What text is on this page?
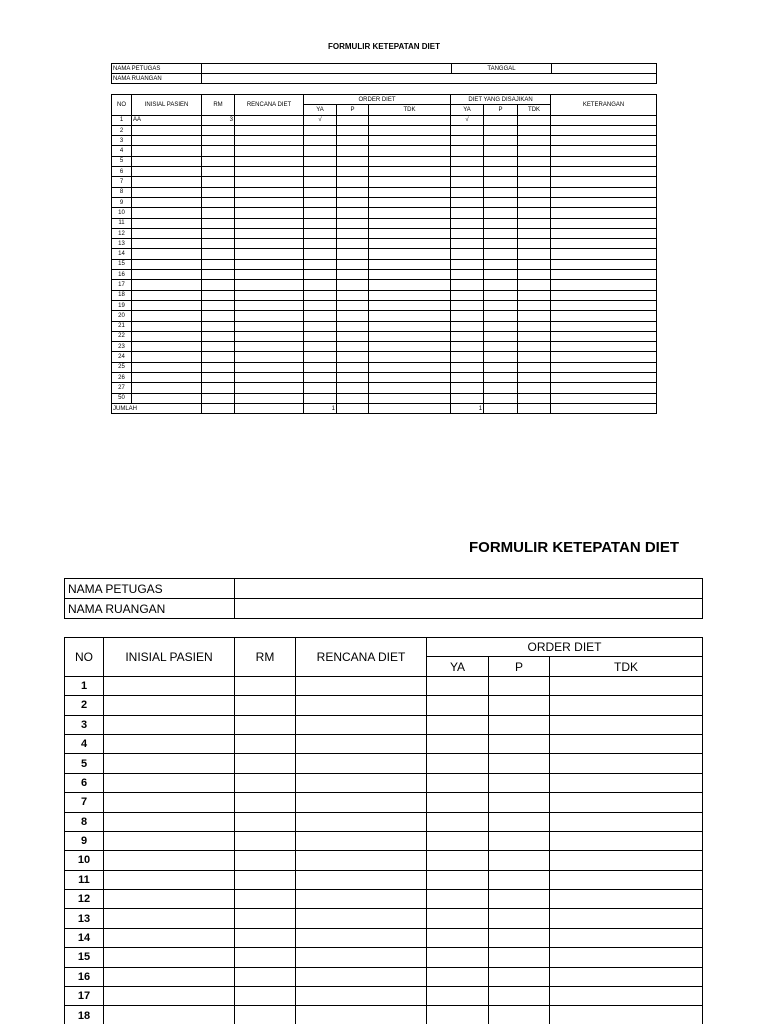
FORMULIR KETEPATAN DIET
NAMA PETUGAS		TANGGAL	
NAMA RUANGAN			
NO	INISIAL PASIEN	RM	RENCANA DIET	ORDER DIET			DIET YANG DISAJIKAN			KETERANGAN
				YA	P	TDK	YA	P	TDK	
1	AA	3		√			√			
2										
3										
4										
5										
6										
7										
8										
9										
10										
11										
12										
13										
14										
15										
16										
17										
18										
19										
20										
21										
22										
23										
24										
25										
26										
27										
50										
JUMLAH				1			1			
FORMULIR KETEPATAN DIET
NAMA PETUGAS	
NAMA RUANGAN	
NO	INISIAL PASIEN	RM	RENCANA DIET	ORDER DIET		
				YA	P	TDK
1						
2						
3						
4						
5						
6						
7						
8						
9						
10						
11						
12						
13						
14						
15						
16						
17						
18						
